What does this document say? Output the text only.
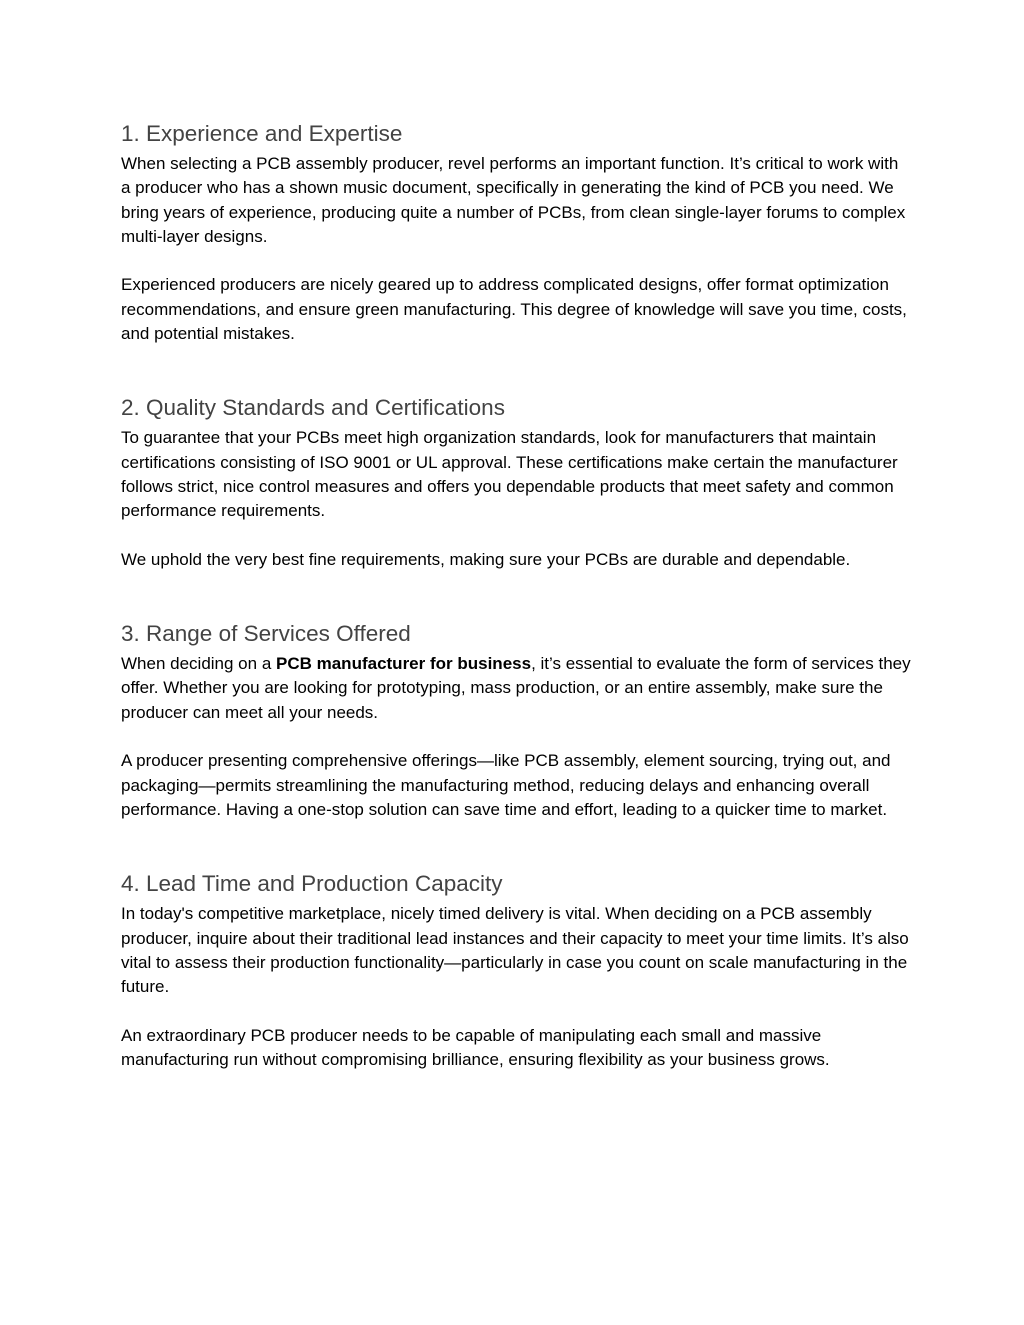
1. Experience and Expertise

When selecting a PCB assembly producer, revel performs an important function. It’s critical to work with a producer who has a shown music document, specifically in generating the kind of PCB you need. We bring years of experience, producing quite a number of PCBs, from clean single-layer forums to complex multi-layer designs.

Experienced producers are nicely geared up to address complicated designs, offer format optimization recommendations, and ensure green manufacturing. This degree of knowledge will save you time, costs, and potential mistakes.

2. Quality Standards and Certifications

To guarantee that your PCBs meet high organization standards, look for manufacturers that maintain certifications consisting of ISO 9001 or UL approval. These certifications make certain the manufacturer follows strict, nice control measures and offers you dependable products that meet safety and common performance requirements.

We uphold the very best fine requirements, making sure your PCBs are durable and dependable.

3. Range of Services Offered

When deciding on a PCB manufacturer for business, it’s essential to evaluate the form of services they offer. Whether you are looking for prototyping, mass production, or an entire assembly, make sure the producer can meet all your needs.

A producer presenting comprehensive offerings—like PCB assembly, element sourcing, trying out, and packaging—permits streamlining the manufacturing method, reducing delays and enhancing overall performance. Having a one-stop solution can save time and effort, leading to a quicker time to market.

4. Lead Time and Production Capacity

In today's competitive marketplace, nicely timed delivery is vital. When deciding on a PCB assembly producer, inquire about their traditional lead instances and their capacity to meet your time limits. It’s also vital to assess their production functionality—particularly in case you count on scale manufacturing in the future.

An extraordinary PCB producer needs to be capable of manipulating each small and massive manufacturing run without compromising brilliance, ensuring flexibility as your business grows.
